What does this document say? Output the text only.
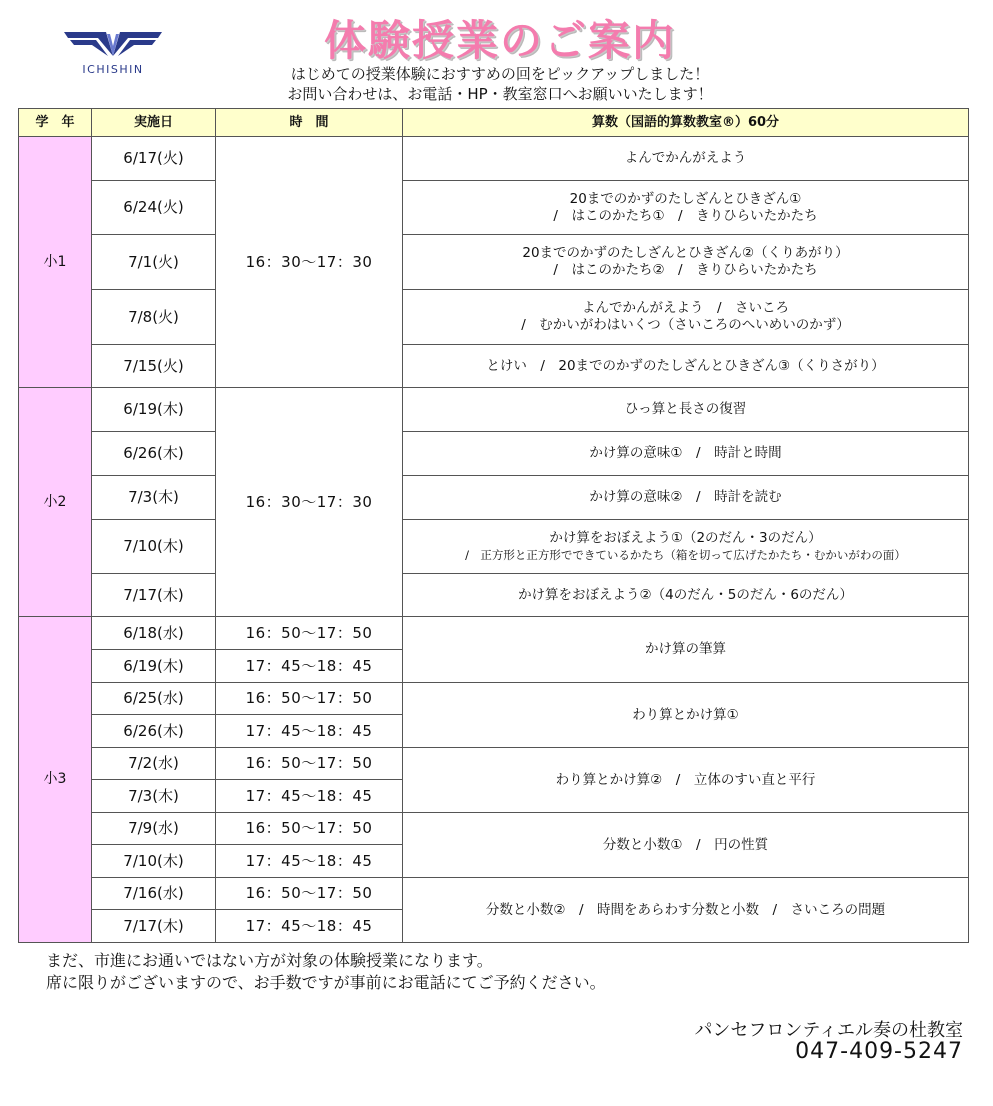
ICHISHIN
体験授業のご案内
はじめての授業体験におすすめの回をピックアップしました！
お問い合わせは、お電話・HP・教室窓口へお願いいたします！
学　年	実施日	時　間	算数（国語的算数教室®）60分
小1	6/17(火)	16：30〜17：30	よんでかんがえよう
	6/24(火)		20までのかずのたしざんとひきざん①
/　はこのかたち①　/　きりひらいたかたち
	7/1(火)		20までのかずのたしざんとひきざん②（くりあがり）
/　はこのかたち②　/　きりひらいたかたち
	7/8(火)		よんでかんがえよう　/　さいころ
/　むかいがわはいくつ（さいころのへいめいのかず）
	7/15(火)		とけい　/　20までのかずのたしざんとひきざん③（くりさがり）
小2	6/19(木)	16：30〜17：30	ひっ算と長さの復習
	6/26(木)		かけ算の意味①　/　時計と時間
	7/3(木)		かけ算の意味②　/　時計を読む
	7/10(木)		かけ算をおぼえよう①（2のだん・3のだん）
/　正方形と正方形でできているかたち（箱を切って広げたかたち・むかいがわの面）

	7/17(木)		かけ算をおぼえよう②（4のだん・5のだん・6のだん）
小3	6/18(水)	16：50〜17：50	かけ算の筆算
	6/19(木)	17：45〜18：45	
	6/25(水)	16：50〜17：50	わり算とかけ算①
	6/26(木)	17：45〜18：45	
	7/2(水)	16：50〜17：50	わり算とかけ算②　/　立体のすい直と平行
	7/3(木)	17：45〜18：45	
	7/9(水)	16：50〜17：50	分数と小数①　/　円の性質
	7/10(木)	17：45〜18：45	
	7/16(水)	16：50〜17：50	分数と小数②　/　時間をあらわす分数と小数　/　さいころの問題
	7/17(木)	17：45〜18：45	
まだ、市進にお通いではない方が対象の体験授業になります。
席に限りがございますので、お手数ですが事前にお電話にてご予約ください。
パンセフロンティエル奏の杜教室
047-409-5247
